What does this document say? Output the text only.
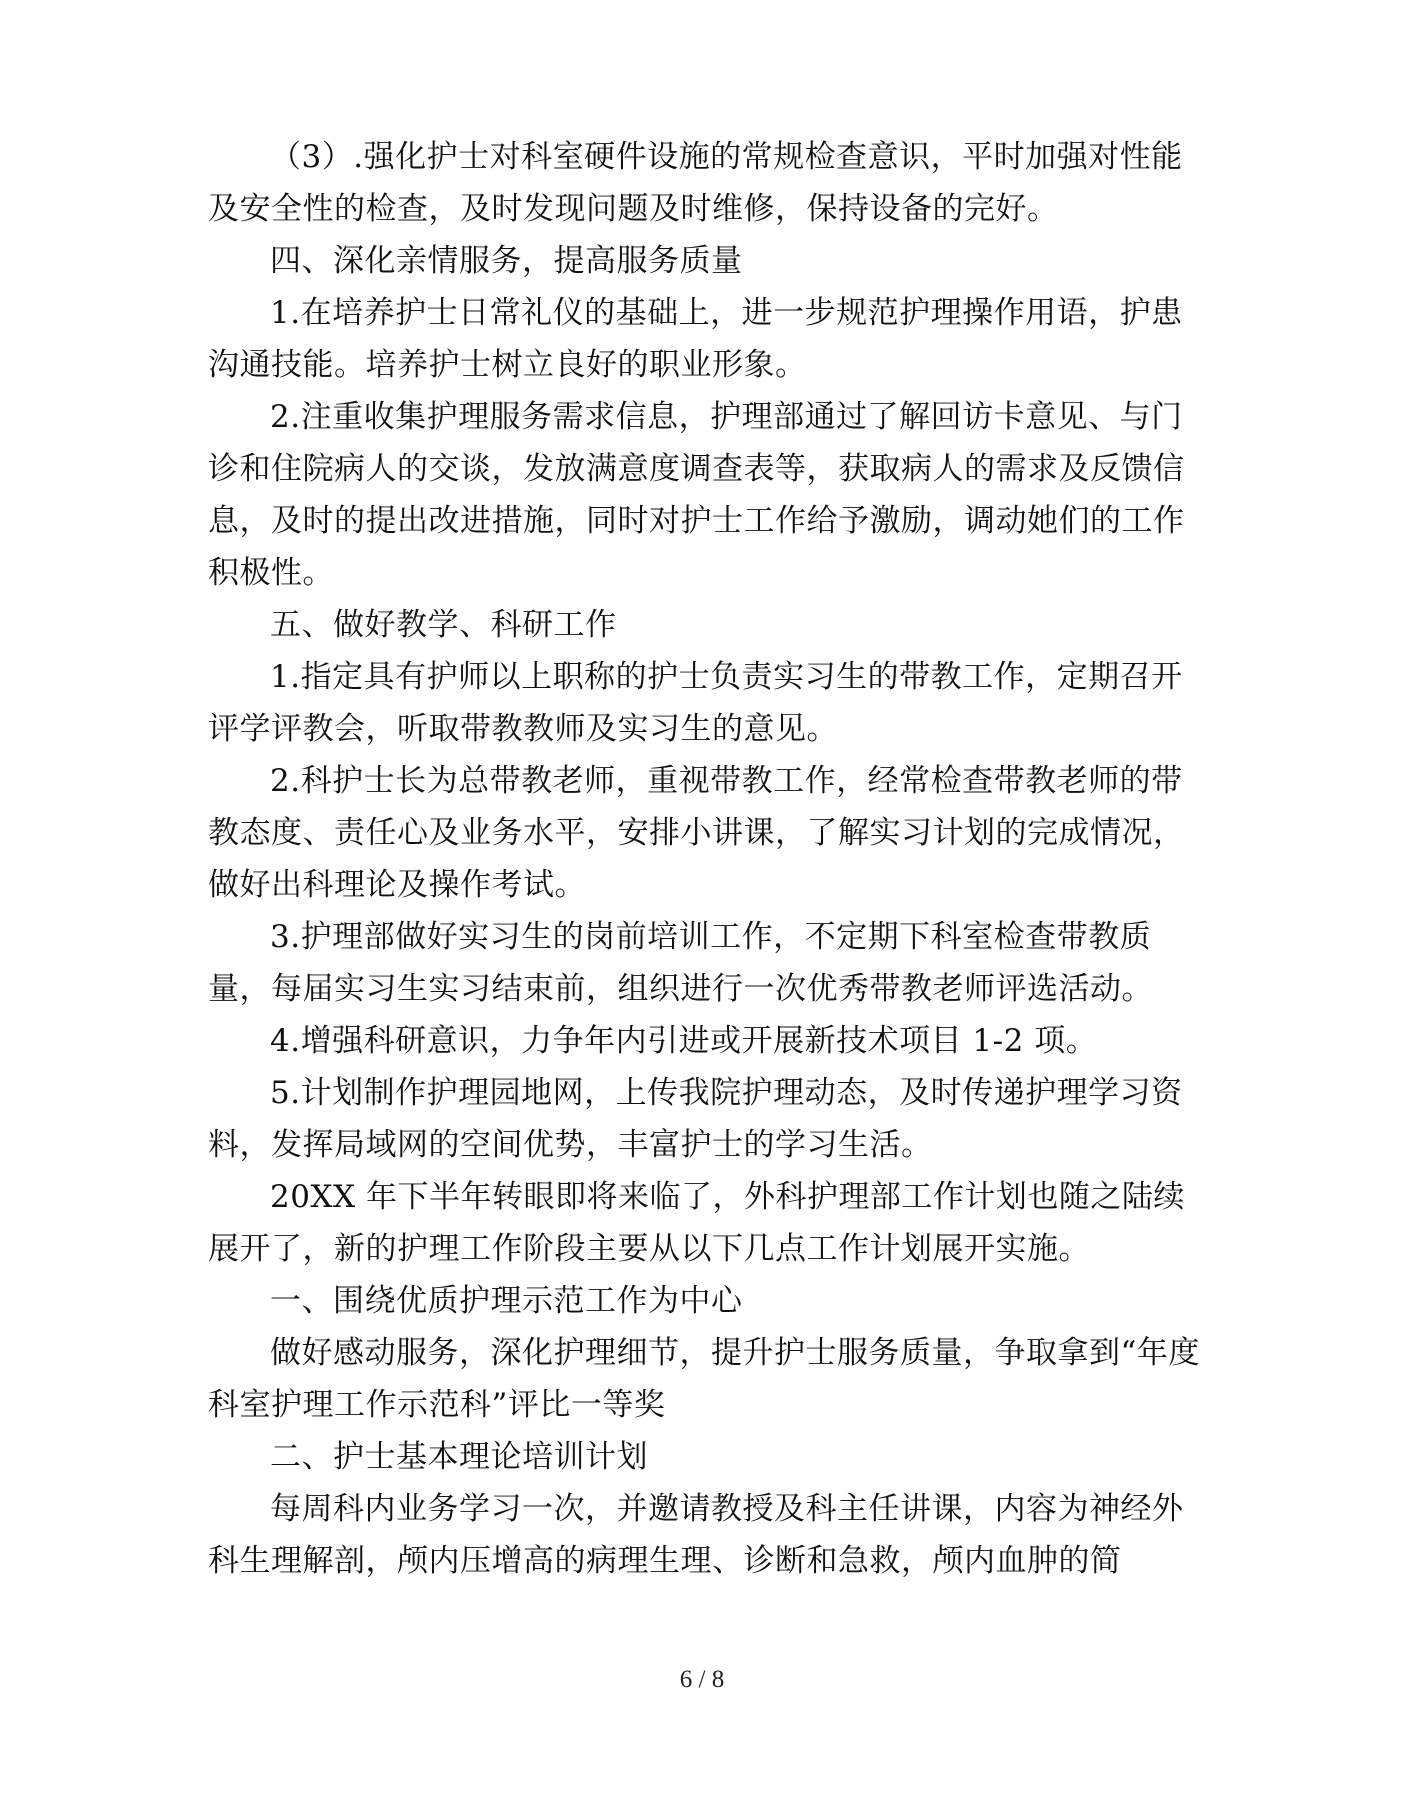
（3）.强化护士对科室硬件设施的常规检查意识，平时加强对性能及安全性的检查，及时发现问题及时维修，保持设备的完好。

四、深化亲情服务，提高服务质量

1.在培养护士日常礼仪的基础上，进一步规范护理操作用语，护患沟通技能。培养护士树立良好的职业形象。

2.注重收集护理服务需求信息，护理部通过了解回访卡意见、与门诊和住院病人的交谈，发放满意度调查表等，获取病人的需求及反馈信息，及时的提出改进措施，同时对护士工作给予激励，调动她们的工作积极性。

五、做好教学、科研工作

1.指定具有护师以上职称的护士负责实习生的带教工作，定期召开评学评教会，听取带教教师及实习生的意见。

2.科护士长为总带教老师，重视带教工作，经常检查带教老师的带教态度、责任心及业务水平，安排小讲课，了解实习计划的完成情况，做好出科理论及操作考试。

3.护理部做好实习生的岗前培训工作，不定期下科室检查带教质量，每届实习生实习结束前，组织进行一次优秀带教老师评选活动。

4.增强科研意识，力争年内引进或开展新技术项目 1-2 项。

5.计划制作护理园地网，上传我院护理动态，及时传递护理学习资料，发挥局域网的空间优势，丰富护士的学习生活。

20XX 年下半年转眼即将来临了，外科护理部工作计划也随之陆续展开了，新的护理工作阶段主要从以下几点工作计划展开实施。

一、围绕优质护理示范工作为中心

做好感动服务，深化护理细节，提升护士服务质量，争取拿到“年度科室护理工作示范科”评比一等奖

二、护士基本理论培训计划

每周科内业务学习一次，并邀请教授及科主任讲课，内容为神经外科生理解剖，颅内压增高的病理生理、诊断和急救，颅内血肿的简

6 / 8
